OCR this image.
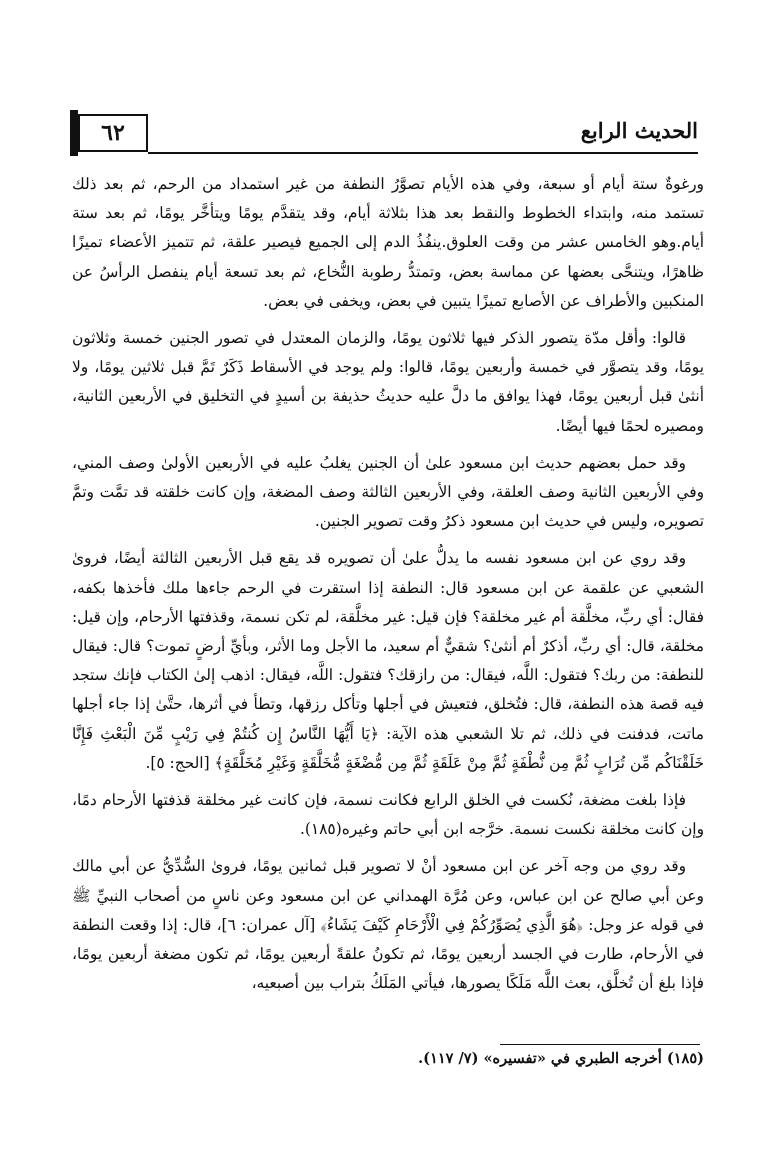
٦٢	الحديث الرابع

ورغوةٌ ستة أيام أو سبعة، وفي هذه الأيام تصوَّرُ النطفة من غير استمداد من الرحم، ثم بعد ذلك تستمد منه، وابتداء الخطوط والنقط بعد هذا بثلاثة أيام، وقد يتقدَّم يومًا ويتأخَّر يومًا، ثم بعد ستة أيام.وهو الخامس عشر من وقت العلوق.ينفُذُ الدم إلى الجميع فيصير علقة، ثم تتميز الأعضاء تميزًا ظاهرًا، ويتنحَّى بعضها عن مماسة بعض، وتمتدُّ رطوبة النُّخاع، ثم بعد تسعة أيام ينفصل الرأسُ عن المنكبين والأطراف عن الأصابع تميزًا يتبين في بعض، ويخفى في بعض.

قالوا: وأقل مدّة يتصور الذكر فيها ثلاثون يومًا، والزمان المعتدل في تصور الجنين خمسة وثلاثون يومًا، وقد يتصوَّر في خمسة وأربعين يومًا، قالوا: ولم يوجد في الأسقاط ذَكَرٌ تَمَّ قبل ثلاثين يومًا، ولا أنثىٰ قبل أربعين يومًا، فهذا يوافق ما دلَّ عليه حديثُ حذيفة بن أسيدٍ في التخليق في الأربعين الثانية، ومصيره لحمًا فيها أيضًا.

وقد حمل بعضهم حديث ابن مسعود علىٰ أن الجنين يغلبُ عليه في الأربعين الأولىٰ وصف المني، وفي الأربعين الثانية وصف العلقة، وفي الأربعين الثالثة وصف المضغة، وإن كانت خلقته قد تمَّت وتمَّ تصويره، وليس في حديث ابن مسعود ذكرُ وقت تصوير الجنين.

وقد روي عن ابن مسعود نفسه ما يدلُّ علىٰ أن تصويره قد يقع قبل الأربعين الثالثة أيضًا، فروىٰ الشعبي عن علقمة عن ابن مسعود قال: النطفة إذا استقرت في الرحم جاءها ملك فأخذها بكفه، فقال: أي ربِّ، مخلَّقة أم غير مخلقة؟ فإن قيل: غير مخلَّقة، لم تكن نسمة، وقذفتها الأرحام، وإن قيل: مخلقة، قال: أي ربِّ، أذكرٌ أم أنثىٰ؟ شقيٌّ أم سعيد، ما الأجل وما الأثر، وبأيِّ أرضٍ تموت؟ قال: فيقال للنطفة: من ربك؟ فتقول: اللَّه، فيقال: من رازقك؟ فتقول: اللَّه، فيقال: اذهب إلىٰ الكتاب فإنك ستجد فيه قصة هذه النطفة، قال: فتُخلق، فتعيش في أجلها وتأكل رزقها، وتطأ في أثرها، حتَّىٰ إذا جاء أجلها ماتت، فدفنت في ذلك، ثم تلا الشعبي هذه الآية: ﴿يَا أَيُّهَا النَّاسُ إِن كُنتُمْ فِي رَيْبٍ مِّنَ الْبَعْثِ فَإِنَّا خَلَقْنَاكُم مِّن تُرَابٍ ثُمَّ مِن نُّطْفَةٍ ثُمَّ مِنْ عَلَقَةٍ ثُمَّ مِن مُّضْغَةٍ مُّخَلَّقَةٍ وَغَيْرِ مُخَلَّقَةٍ﴾ [الحج: ٥].

فإذا بلغت مضغة، نُكست في الخلق الرابع فكانت نسمة، فإن كانت غير مخلقة قذفتها الأرحام دمًا، وإن كانت مخلقة نكست نسمة. خرَّجه ابن أبي حاتم وغيره(١٨٥).

وقد روي من وجه آخر عن ابن مسعود أنْ لا تصوير قبل ثمانين يومًا، فروىٰ السُّدِّيُّ عن أبي مالك وعن أبي صالح عن ابن عباس، وعن مُرَّة الهمداني عن ابن مسعود وعن ناسٍ من أصحاب النبيِّ ﷺ في قوله عز وجل: ﴿هُوَ الَّذِي يُصَوِّرُكُمْ فِي الْأَرْحَامِ كَيْفَ يَشَاءُ﴾ [آل عمران: ٦]، قال: إذا وقعت النطفة في الأرحام، طارت في الجسد أربعين يومًا، ثم تكونُ علقةً أربعين يومًا، ثم تكون مضغة أربعين يومًا، فإذا بلغ أن تُخلَّق، بعث اللَّه مَلَكًا يصورها، فيأتي المَلَكُ بتراب بين أصبعيه،

(١٨٥) أخرجه الطبري في «تفسيره» (٧/ ١١٧).
